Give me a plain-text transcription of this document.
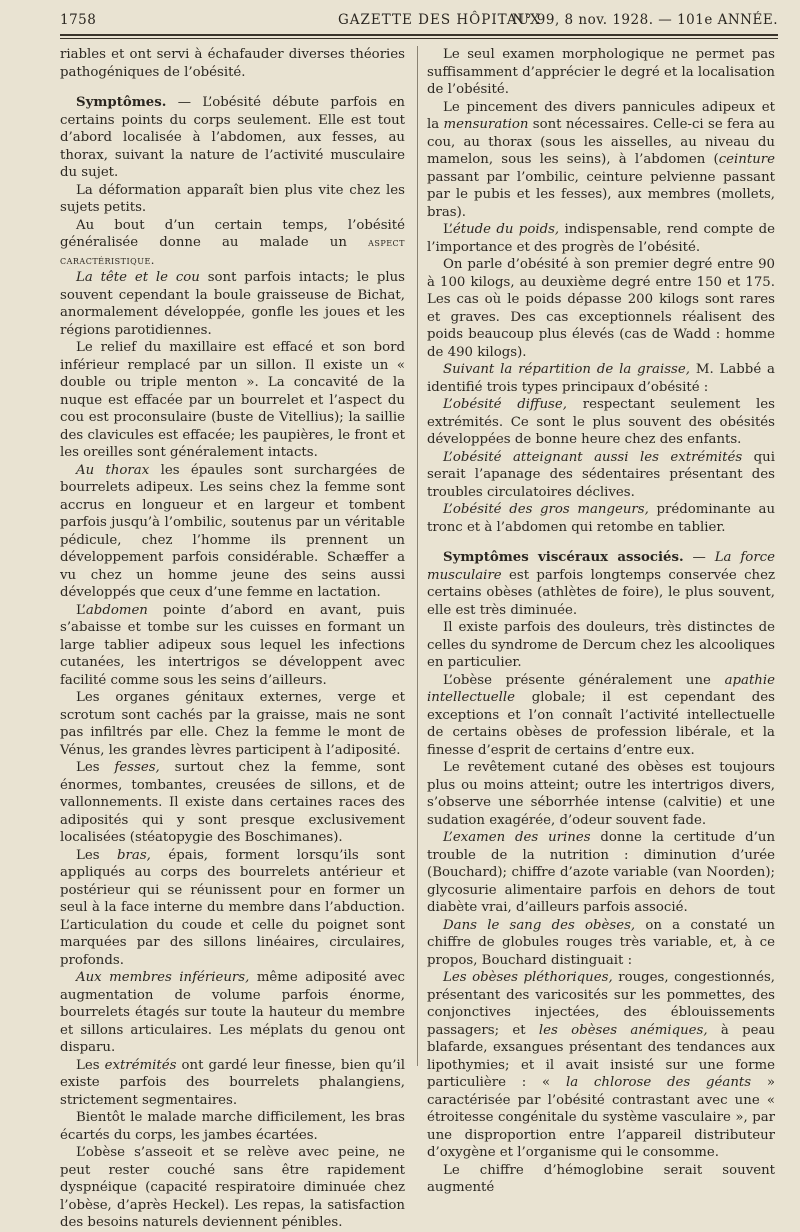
1758	GAZETTE DES HÔPITAUX
N° 99, 8 nov. 1928. — 101e ANNÉE.

riables et ont servi à échafauder diverses théories pathogéniques de l’obésité.

Symptômes. — L’obésité débute parfois en certains points du corps seulement. Elle est tout d’abord localisée à l’abdomen, aux fesses, au thorax, suivant la nature de l’activité musculaire du sujet.

La déformation apparaît bien plus vite chez les sujets petits.

Au bout d’un certain temps, l’obésité généralisée donne au malade un aspect caractéristique.

La tête et le cou sont parfois intacts; le plus souvent cependant la boule graisseuse de Bichat, anormalement développée, gonfle les joues et les régions parotidiennes.

Le relief du maxillaire est effacé et son bord inférieur remplacé par un sillon. Il existe un « double ou triple menton ». La concavité de la nuque est effacée par un bourrelet et l’aspect du cou est proconsulaire (buste de Vitellius); la saillie des clavicules est effacée; les paupières, le front et les oreilles sont généralement intacts.

Au thorax les épaules sont surchargées de bourrelets adipeux. Les seins chez la femme sont accrus en longueur et en largeur et tombent parfois jusqu’à l’ombilic, soutenus par un véritable pédicule, chez l’homme ils prennent un développement parfois considérable. Schæffer a vu chez un homme jeune des seins aussi développés que ceux d’une femme en lactation.

L’abdomen pointe d’abord en avant, puis s’abaisse et tombe sur les cuisses en formant un large tablier adipeux sous lequel les infections cutanées, les intertrigos se développent avec facilité comme sous les seins d’ailleurs.

Les organes génitaux externes, verge et scrotum sont cachés par la graisse, mais ne sont pas infiltrés par elle. Chez la femme le mont de Vénus, les grandes lèvres participent à l’adiposité.

Les fesses, surtout chez la femme, sont énormes, tombantes, creusées de sillons, et de vallonnements. Il existe dans certaines races des adiposités qui y sont presque exclusivement localisées (stéatopygie des Boschimanes).

Les bras, épais, forment lorsqu’ils sont appliqués au corps des bourrelets antérieur et postérieur qui se réunissent pour en former un seul à la face interne du membre dans l’abduction. L’articulation du coude et celle du poignet sont marquées par des sillons linéaires, circulaires, profonds.

Aux membres inférieurs, même adiposité avec augmentation de volume parfois énorme, bourrelets étagés sur toute la hauteur du membre et sillons articulaires. Les méplats du genou ont disparu.

Les extrémités ont gardé leur finesse, bien qu’il existe parfois des bourrelets phalangiens, strictement segmentaires.

Bientôt le malade marche difficilement, les bras écartés du corps, les jambes écartées.

L’obèse s’asseoit et se relève avec peine, ne peut rester couché sans être rapidement dyspnéique (capacité respiratoire diminuée chez l’obèse, d’après Heckel). Les repas, la satisfaction des besoins naturels deviennent pénibles.

Le seul examen morphologique ne permet pas suffisamment d’apprécier le degré et la localisation de l’obésité.

Le pincement des divers pannicules adipeux et la mensuration sont nécessaires. Celle-ci se fera au cou, au thorax (sous les aisselles, au niveau du mamelon, sous les seins), à l’abdomen (ceinture passant par l’ombilic, ceinture pelvienne passant par le pubis et les fesses), aux membres (mollets, bras).

L’étude du poids, indispensable, rend compte de l’importance et des progrès de l’obésité.

On parle d’obésité à son premier degré entre 90 à 100 kilogs, au deuxième degré entre 150 et 175. Les cas où le poids dépasse 200 kilogs sont rares et graves. Des cas exceptionnels réalisent des poids beaucoup plus élevés (cas de Wadd : homme de 490 kilogs).

Suivant la répartition de la graisse, M. Labbé a identifié trois types principaux d’obésité :

L’obésité diffuse, respectant seulement les extrémités. Ce sont le plus souvent des obésités développées de bonne heure chez des enfants.

L’obésité atteignant aussi les extrémités qui serait l’apanage des sédentaires présentant des troubles circulatoires déclives.

L’obésité des gros mangeurs, prédominante au tronc et à l’abdomen qui retombe en tablier.

Symptômes viscéraux associés. — La force musculaire est parfois longtemps conservée chez certains obèses (athlètes de foire), le plus souvent, elle est très diminuée.

Il existe parfois des douleurs, très distinctes de celles du syndrome de Dercum chez les alcooliques en particulier.

L’obèse présente généralement une apathie intellectuelle globale; il est cependant des exceptions et l’on connaît l’activité intellectuelle de certains obèses de profession libérale, et la finesse d’esprit de certains d’entre eux.

Le revêtement cutané des obèses est toujours plus ou moins atteint; outre les intertrigos divers, s’observe une séborrhée intense (calvitie) et une sudation exagérée, d’odeur souvent fade.

L’examen des urines donne la certitude d’un trouble de la nutrition : diminution d’urée (Bouchard); chiffre d’azote variable (van Noorden); glycosurie alimentaire parfois en dehors de tout diabète vrai, d’ailleurs parfois associé.

Dans le sang des obèses, on a constaté un chiffre de globules rouges très variable, et, à ce propos, Bouchard distinguait :

Les obèses pléthoriques, rouges, congestionnés, présentant des varicosités sur les pommettes, des conjonctives injectées, des éblouissements passagers; et les obèses anémiques, à peau blafarde, exsangues présentant des tendances aux lipothymies; et il avait insisté sur une forme particulière : « la chlorose des géants » caractérisée par l’obésité contrastant avec une « étroitesse congénitale du système vasculaire », par une disproportion entre l’appareil distributeur d’oxygène et l’organisme qui le consomme.

Le chiffre d’hémoglobine serait souvent augmenté
